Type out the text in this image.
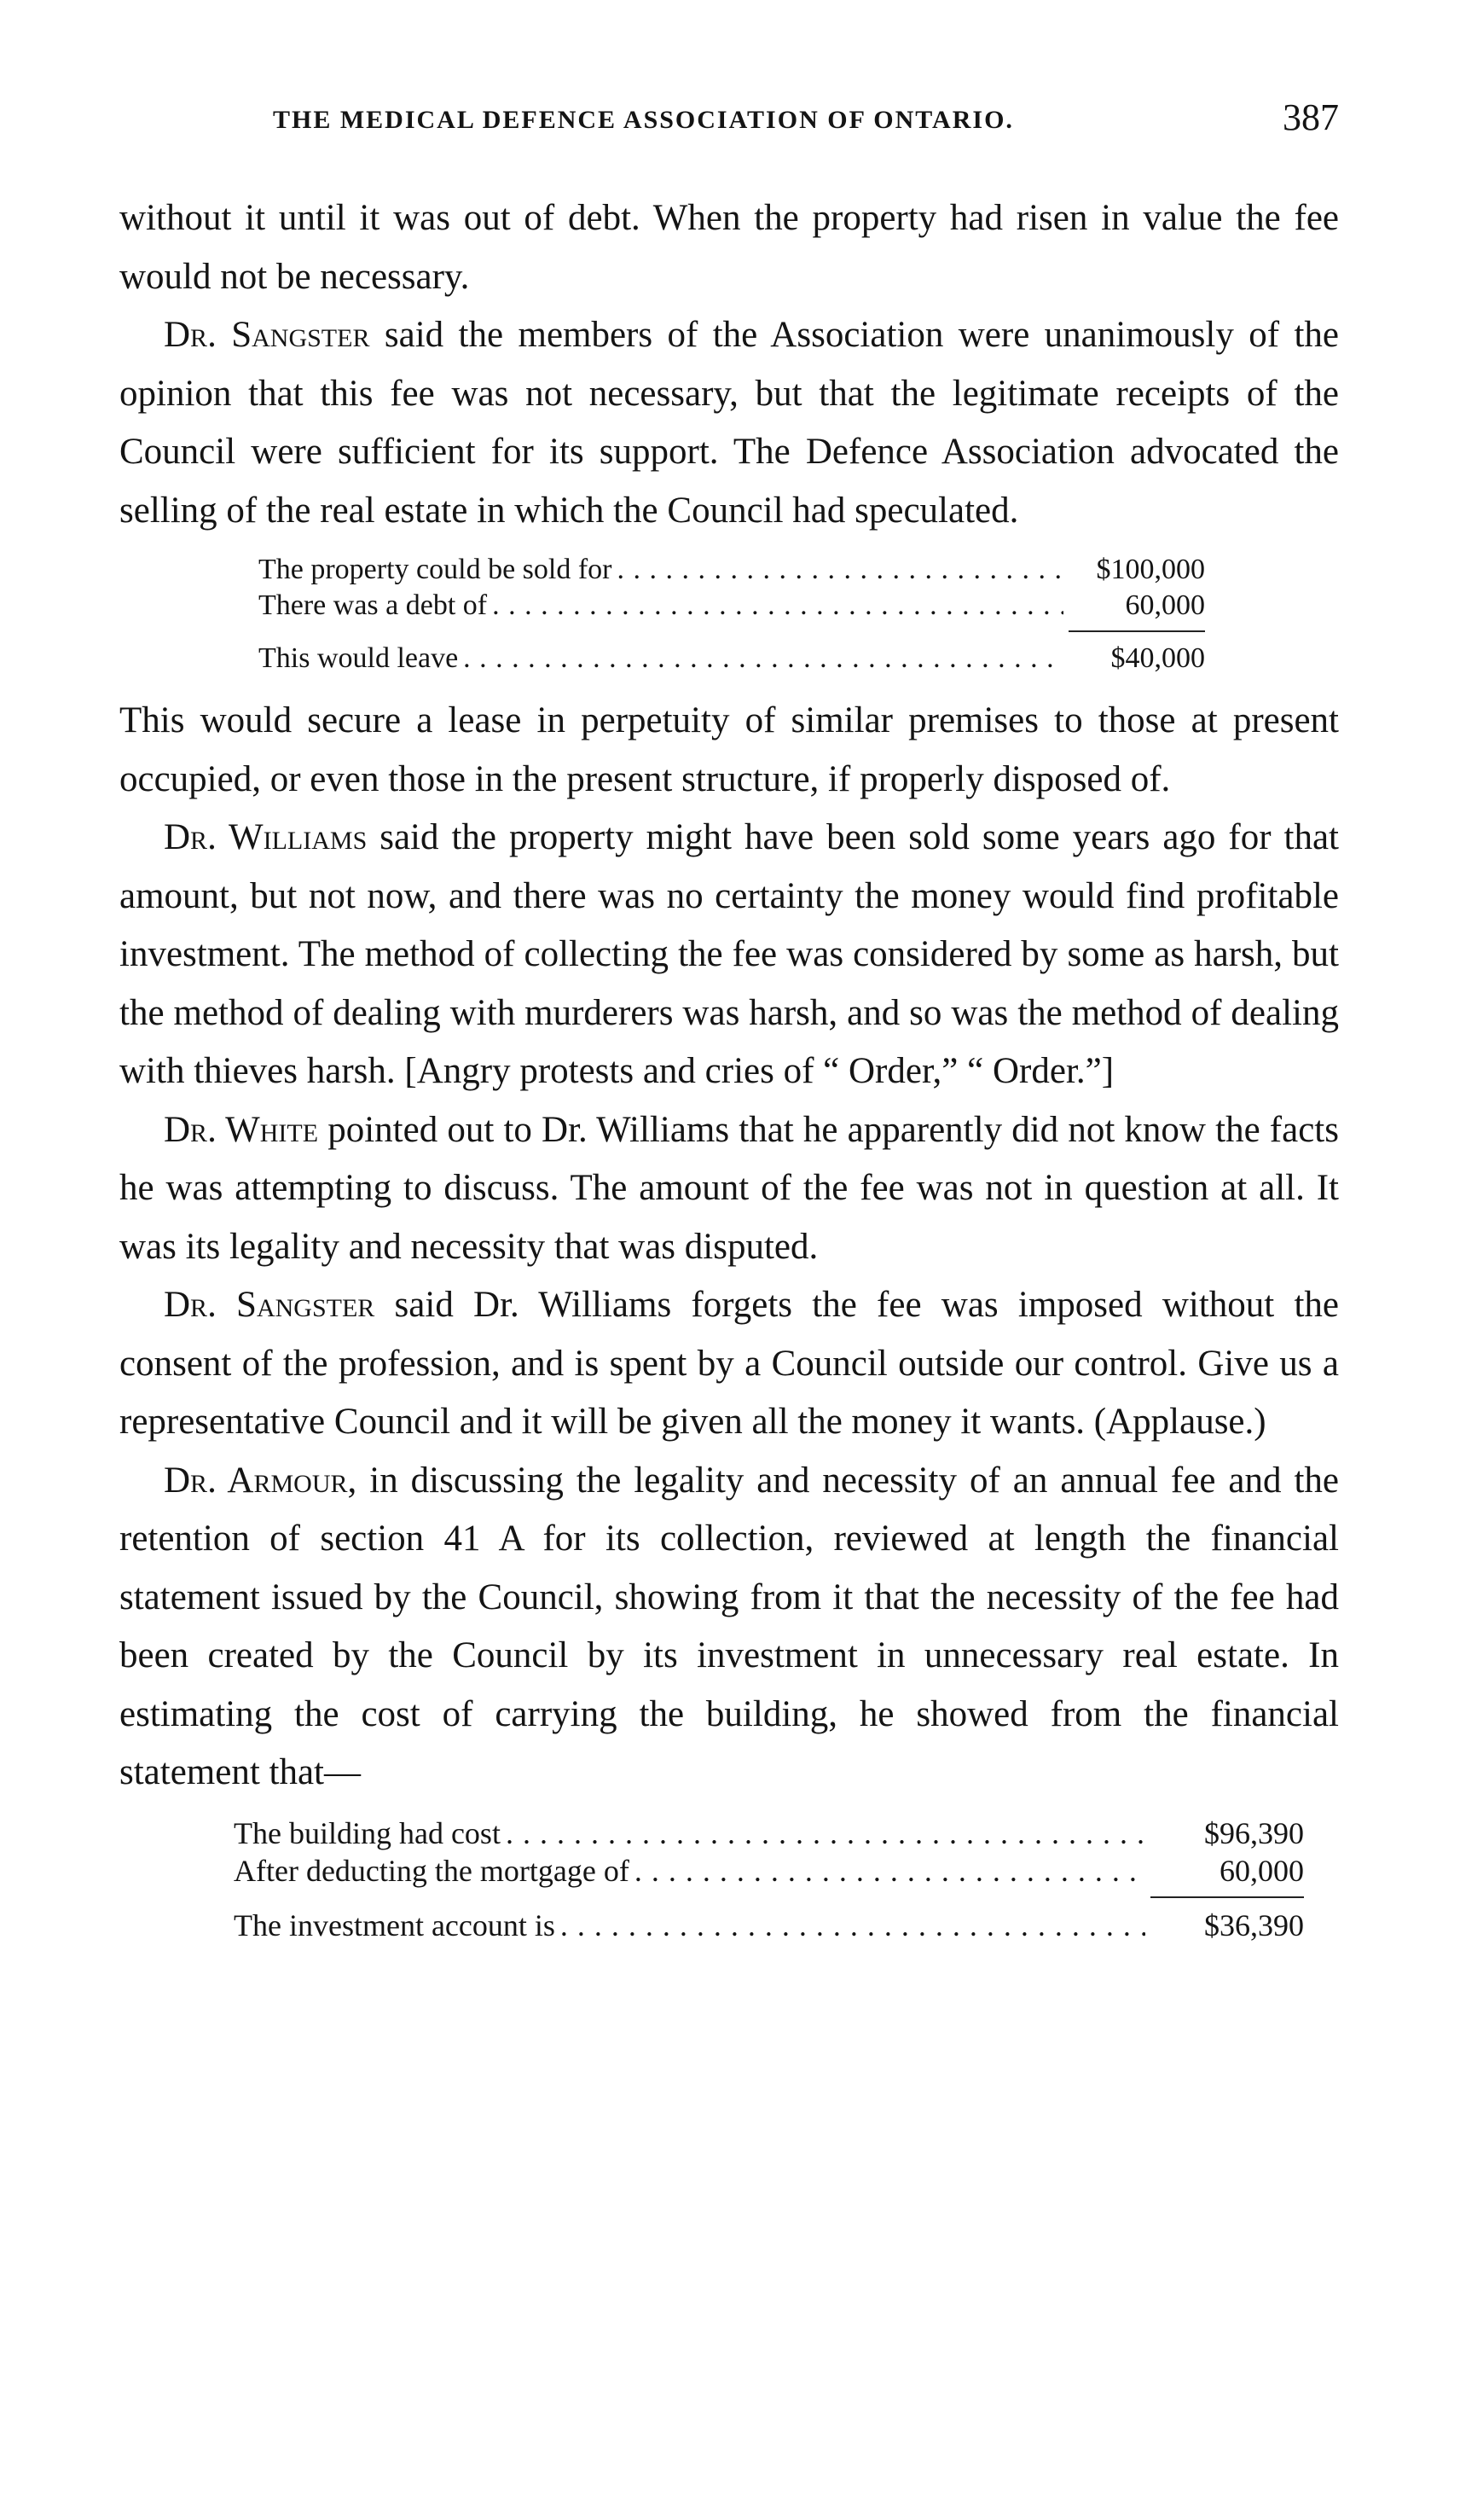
THE MEDICAL DEFENCE ASSOCIATION OF ONTARIO.	387

without it until it was out of debt. When the property had risen in value the fee would not be necessary.

Dr. Sangster said the members of the Association were unanimously of the opinion that this fee was not necessary, but that the legitimate receipts of the Council were sufficient for its support. The Defence Association advocated the selling of the real estate in which the Council had speculated.

The property could be sold for . . .	$100,000
There was a debt of . . .	60,000
This would leave . . .	$40,000

This would secure a lease in perpetuity of similar premises to those at present occupied, or even those in the present structure, if properly disposed of.

Dr. Williams said the property might have been sold some years ago for that amount, but not now, and there was no certainty the money would find profitable investment. The method of collecting the fee was considered by some as harsh, but the method of dealing with murderers was harsh, and so was the method of dealing with thieves harsh. [Angry protests and cries of “ Order,” “ Order.”]

Dr. White pointed out to Dr. Williams that he apparently did not know the facts he was attempting to discuss. The amount of the fee was not in question at all. It was its legality and necessity that was disputed.

Dr. Sangster said Dr. Williams forgets the fee was imposed without the consent of the profession, and is spent by a Council outside our control. Give us a representative Council and it will be given all the money it wants. (Applause.)

Dr. Armour, in discussing the legality and necessity of an annual fee and the retention of section 41 A for its collection, reviewed at length the financial statement issued by the Council, showing from it that the necessity of the fee had been created by the Council by its investment in unnecessary real estate. In estimating the cost of carrying the building, he showed from the financial statement that—

The building had cost . . .	$96,390
After deducting the mortgage of . . .	60,000
The investment account is . . .	$36,390
